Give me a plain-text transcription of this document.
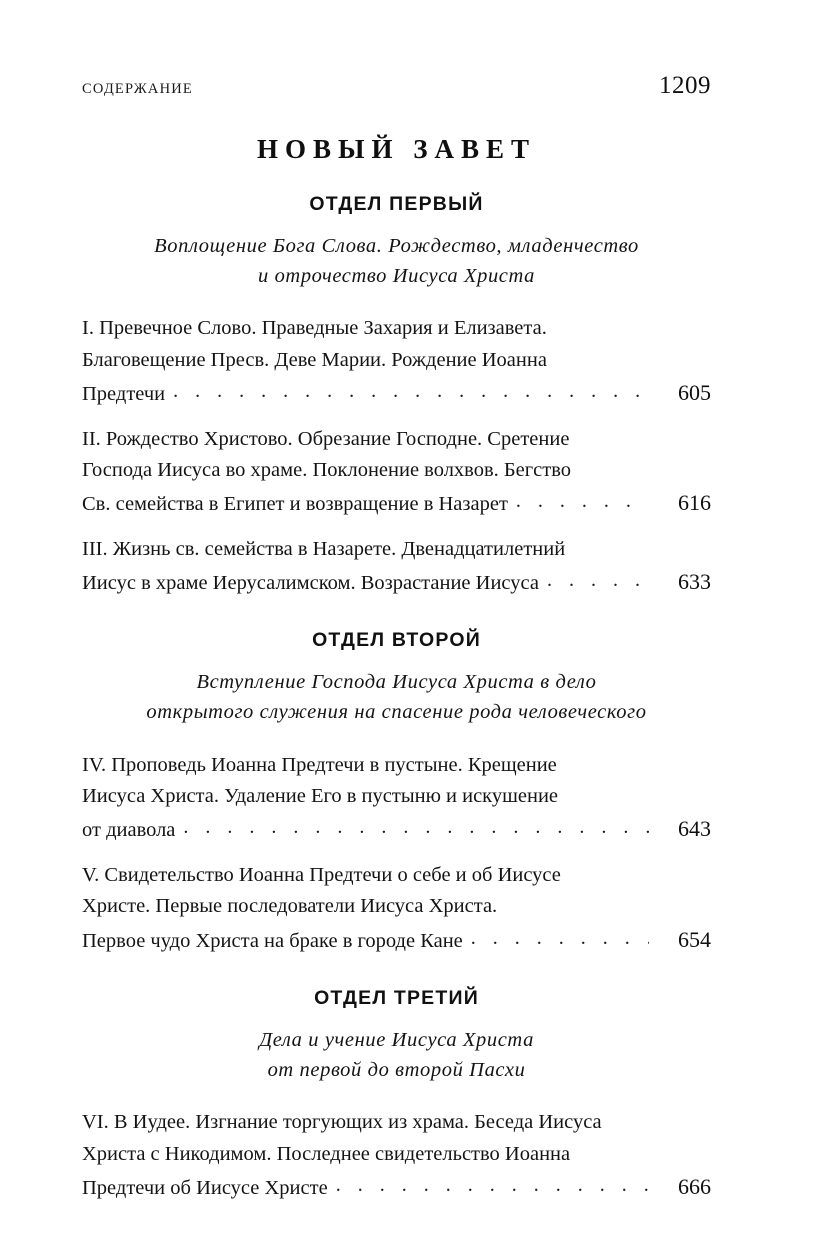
СОДЕРЖАНИЕ	1209
НОВЫЙ ЗАВЕТ
ОТДЕЛ ПЕРВЫЙ
Воплощение Бога Слова. Рождество, младенчество
и отрочество Иисуса Христа
I. Превечное Слово. Праведные Захария и Елизавета.
Благовещение Пресв. Деве Марии. Рождение Иоанна
Предтечи . . .	605
II. Рождество Христово. Обрезание Господне. Сретение
Господа Иисуса во храме. Поклонение волхвов. Бегство
Св. семейства в Египет и возвращение в Назарет . . .	616
III. Жизнь св. семейства в Назарете. Двенадцатилетний
Иисус в храме Иерусалимском. Возрастание Иисуса . . .	633
ОТДЕЛ ВТОРОЙ
Вступление Господа Иисуса Христа в дело
открытого служения на спасение рода человеческого
IV. Проповедь Иоанна Предтечи в пустыне. Крещение
Иисуса Христа. Удаление Его в пустыню и искушение
от диавола . . .	643
V. Свидетельство Иоанна Предтечи о себе и об Иисусе
Христе. Первые последователи Иисуса Христа.
Первое чудо Христа на браке в городе Кане . . .	654
ОТДЕЛ ТРЕТИЙ
Дела и учение Иисуса Христа
от первой до второй Пасхи
VI. В Иудее. Изгнание торгующих из храма. Беседа Иисуса
Христа с Никодимом. Последнее свидетельство Иоанна
Предтечи об Иисусе Христе . . .	666
